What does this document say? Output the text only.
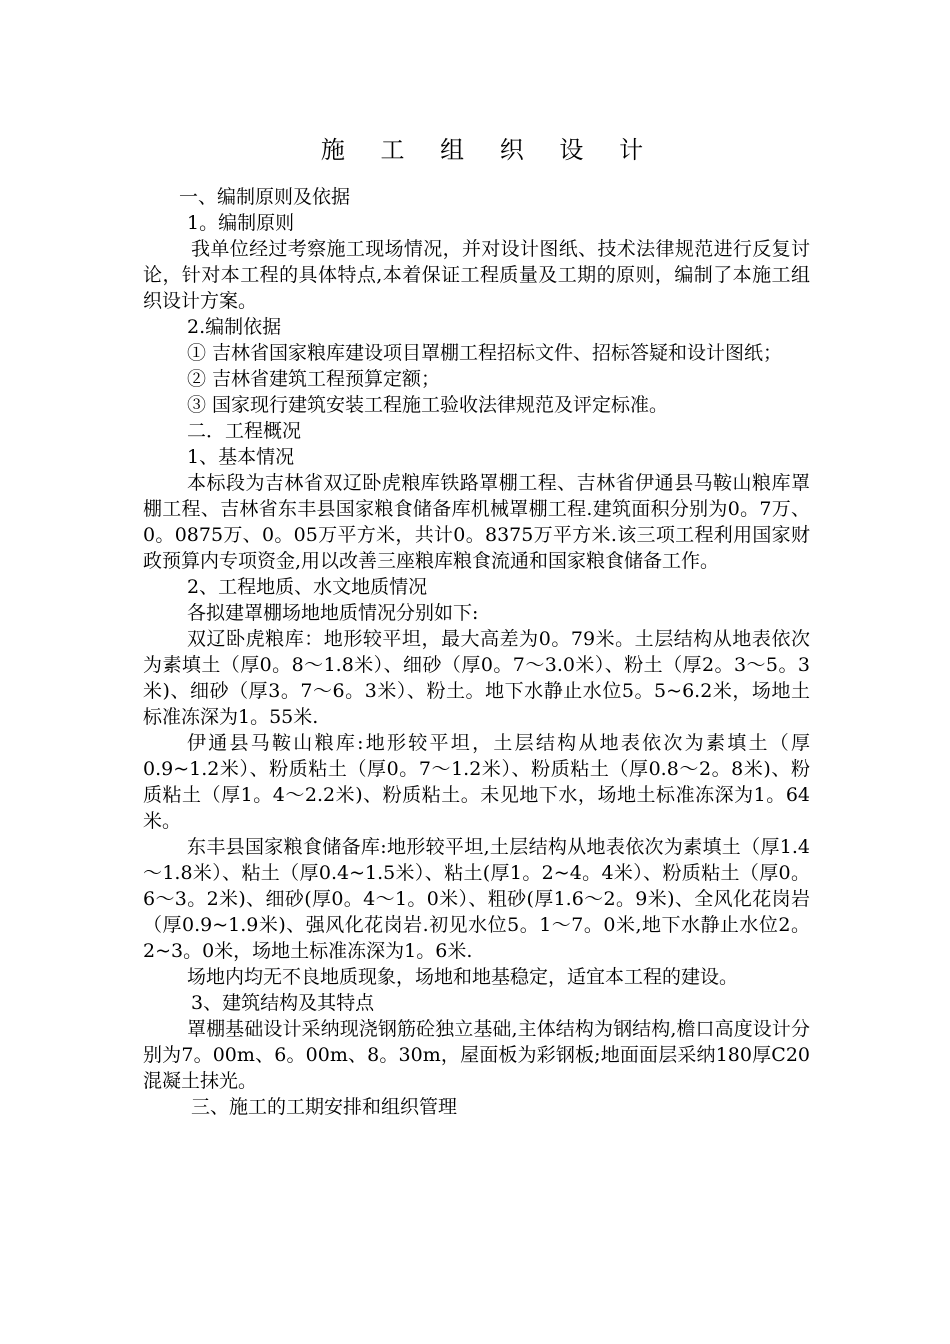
施 工 组 织 设 计

一、编制原则及依据

1。编制原则

我单位经过考察施工现场情况，并对设计图纸、技术法律规范进行反复讨论，针对本工程的具体特点,本着保证工程质量及工期的原则，编制了本施工组织设计方案。

2.编制依据

① 吉林省国家粮库建设项目罩棚工程招标文件、招标答疑和设计图纸；

② 吉林省建筑工程预算定额；

③ 国家现行建筑安装工程施工验收法律规范及评定标准。

二．工程概况

1、基本情况

本标段为吉林省双辽卧虎粮库铁路罩棚工程、吉林省伊通县马鞍山粮库罩棚工程、吉林省东丰县国家粮食储备库机械罩棚工程.建筑面积分别为0。7万、0。0875万、0。05万平方米，共计0。8375万平方米.该三项工程利用国家财政预算内专项资金,用以改善三座粮库粮食流通和国家粮食储备工作。

2、工程地质、水文地质情况

各拟建罩棚场地地质情况分别如下:

双辽卧虎粮库：地形较平坦，最大高差为0。79米。土层结构从地表依次为素填土（厚0。8～1.8米）、细砂（厚0。7～3.0米）、粉土（厚2。3～5。3米)、细砂（厚3。7～6。3米）、粉土。地下水静止水位5。5~6.2米，场地土标准冻深为1。55米.

伊通县马鞍山粮库:地形较平坦，土层结构从地表依次为素填土（厚0.9~1.2米）、粉质粘土（厚0。7～1.2米）、粉质粘土（厚0.8～2。8米)、粉质粘土（厚1。4～2.2米)、粉质粘土。未见地下水，场地土标准冻深为1。64米。

东丰县国家粮食储备库:地形较平坦,土层结构从地表依次为素填土（厚1.4～1.8米）、粘土（厚0.4~1.5米）、粘土(厚1。2~4。4米）、粉质粘土（厚0。6～3。2米)、细砂(厚0。4～1。0米）、粗砂(厚1.6～2。9米)、全风化花岗岩（厚0.9~1.9米)、强风化花岗岩.初见水位5。1～7。0米,地下水静止水位2。2~3。0米，场地土标准冻深为1。6米.

场地内均无不良地质现象，场地和地基稳定，适宜本工程的建设。

3、建筑结构及其特点

罩棚基础设计采纳现浇钢筋砼独立基础,主体结构为钢结构,檐口高度设计分别为7。00m、6。00m、8。30m，屋面板为彩钢板;地面面层采纳180厚C20混凝土抹光。

三、施工的工期安排和组织管理
